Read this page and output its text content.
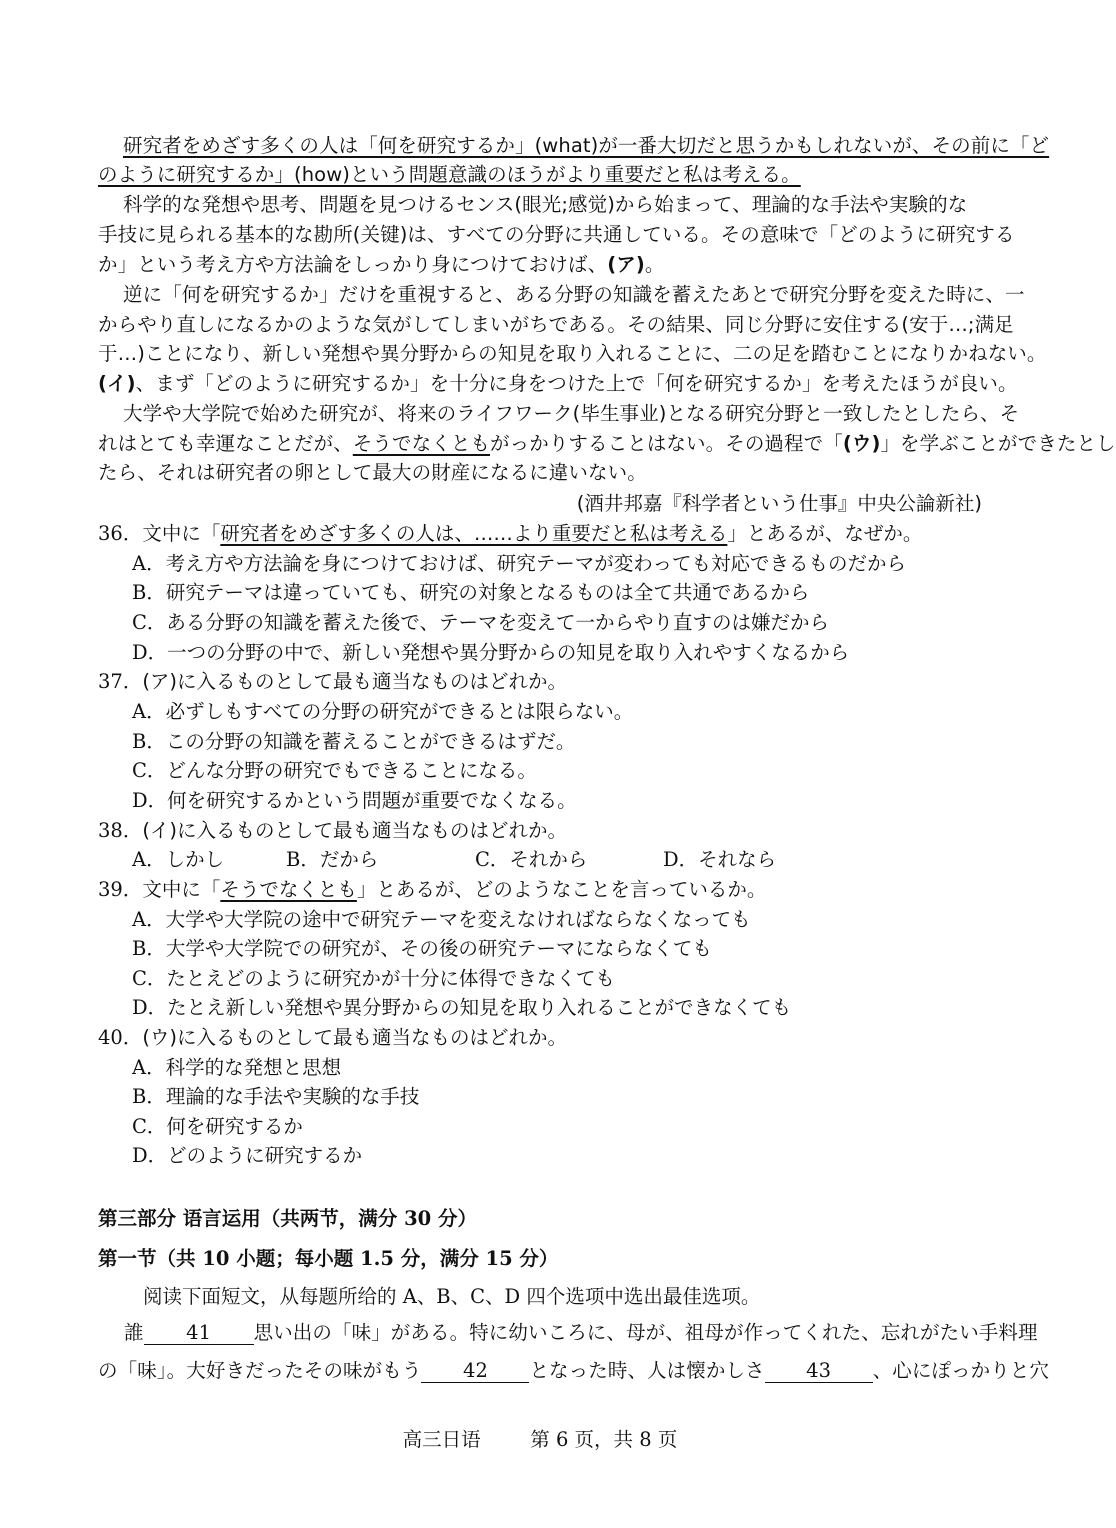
研究者をめざす多くの人は「何を研究するか」(what)が一番大切だと思うかもしれないが、その前に「ど
のように研究するか」(how)という問題意識のほうがより重要だと私は考える。
科学的な発想や思考、問題を見つけるセンス(眼光;感觉)から始まって、理論的な手法や実験的な
手技に見られる基本的な勘所(关键)は、すべての分野に共通している。その意味で「どのように研究する
か」という考え方や方法論をしっかり身につけておけば、(ア)。
逆に「何を研究するか」だけを重視すると、ある分野の知識を蓄えたあとで研究分野を変えた時に、一
からやり直しになるかのような気がしてしまいがちである。その結果、同じ分野に安住する(安于…;满足
于…)ことになり、新しい発想や異分野からの知見を取り入れることに、二の足を踏むことになりかねない。
(イ)、まず「どのように研究するか」を十分に身をつけた上で「何を研究するか」を考えたほうが良い。
大学や大学院で始めた研究が、将来のライフワーク(毕生事业)となる研究分野と一致したとしたら、そ
れはとても幸運なことだが、そうでなくともがっかりすることはない。その過程で「(ウ)」を学ぶことができたとし
たら、それは研究者の卵として最大の財産になるに違いない。
(酒井邦嘉『科学者という仕事』中央公論新社)
36．文中に「研究者をめざす多くの人は、……より重要だと私は考える」とあるが、なぜか。
A．考え方や方法論を身につけておけば、研究テーマが変わっても対応できるものだから
B．研究テーマは違っていても、研究の対象となるものは全て共通であるから
C．ある分野の知識を蓄えた後で、テーマを変えて一からやり直すのは嫌だから
D．一つの分野の中で、新しい発想や異分野からの知見を取り入れやすくなるから
37．(ア)に入るものとして最も適当なものはどれか。
A．必ずしもすべての分野の研究ができるとは限らない。
B．この分野の知識を蓄えることができるはずだ。
C．どんな分野の研究でもできることになる。
D．何を研究するかという問題が重要でなくなる。
38．(イ)に入るものとして最も適当なものはどれか。
A．しかし	B．だから	C．それから	D．それなら
39．文中に「そうでなくとも」とあるが、どのようなことを言っているか。
A．大学や大学院の途中で研究テーマを変えなければならなくなっても
B．大学や大学院での研究が、その後の研究テーマにならなくても
C．たとえどのように研究かが十分に体得できなくても
D．たとえ新しい発想や異分野からの知見を取り入れることができなくても
40．(ウ)に入るものとして最も適当なものはどれか。
A．科学的な発想と思想
B．理論的な手法や実験的な手技
C．何を研究するか
D．どのように研究するか
第三部分 语言运用（共两节，满分 30 分）
第一节（共 10 小题；每小题 1.5 分，满分 15 分）
阅读下面短文，从每题所给的 A、B、C、D 四个选项中选出最佳选项。
誰 41 思い出の「味」がある。特に幼いころに、母が、祖母が作ってくれた、忘れがたい手料理
の「味」。大好きだったその味がもう 42 となった時、人は懐かしさ 43 、心にぽっかりと穴
高三日语	第 6 页，共 8 页
